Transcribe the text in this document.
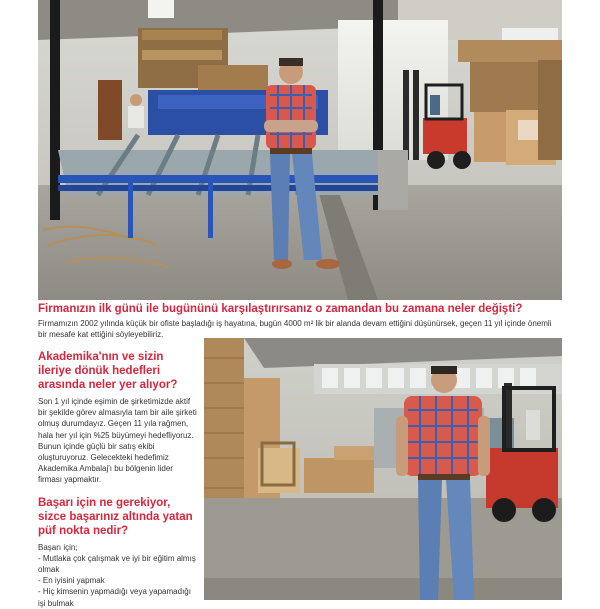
Firmanızın ilk günü ile bugününü karşılaştırırsanız o zamandan bu zamana neler değişti?

Firmamızın 2002 yılında küçük bir ofiste başladığı iş hayatına, bugün 4000 m² lik bir alanda devam ettiğini düşünürsek, geçen 11 yıl içinde önemli bir mesafe kat ettiğini söyleyebiliriz.

Akademika'nın ve sizin ileriye dönük hedefleri arasında neler yer alıyor?

Son 1 yıl içinde eşimin de şirketimizde aktif bir şekilde görev almasıyla tam bir aile şirketi olmuş durumdayız. Geçen 11 yıla rağmen, hala her yıl için %25 büyümeyi hedefliyoruz. Bunun içinde güçlü bir satış ekibi oluşturuyoruz. Gelecekteki hedefimiz Akademika Ambalaj'ı bu bölgenin lider firması yapmaktır.

Başarı için ne gerekiyor, sizce başarınız altında yatan püf nokta nedir?

Başarı için;

- Mutlaka çok çalışmak ve iyi bir eğitim almış olmak
- En iyisini yapmak
- Hiç kimsenin yapmadığı veya yapamadığı işi bulmak
